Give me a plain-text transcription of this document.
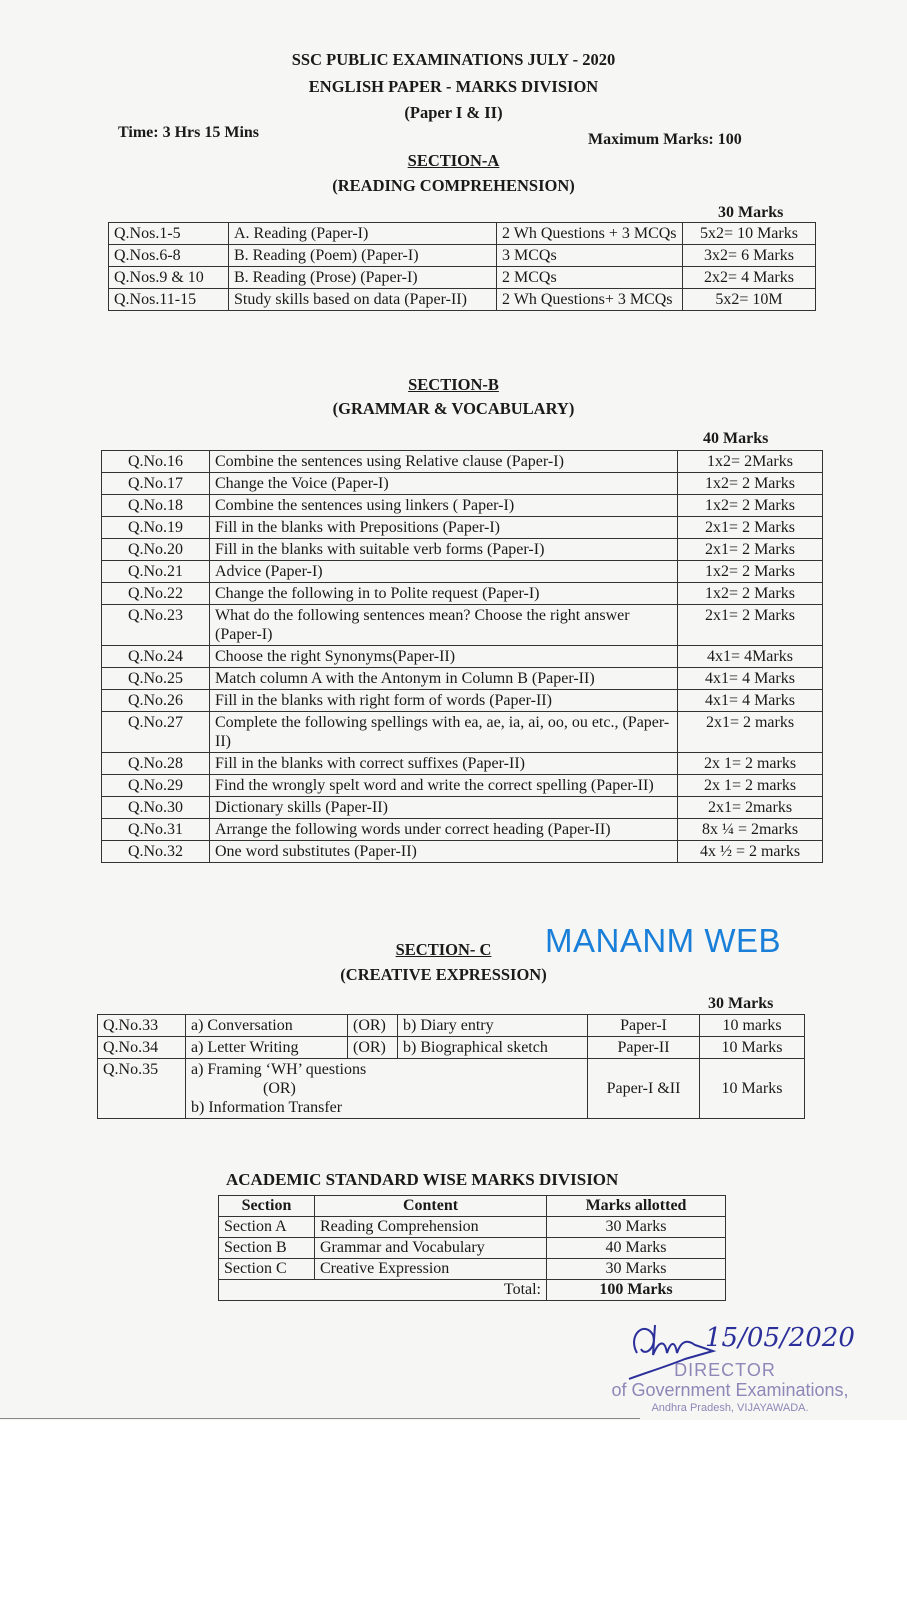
SSC PUBLIC EXAMINATIONS JULY - 2020
ENGLISH PAPER - MARKS DIVISION
(Paper I & II)
Time: 3 Hrs 15 Mins	Maximum Marks: 100
SECTION-A
(READING COMPREHENSION)
30 Marks
Q.Nos.1-5	A. Reading (Paper-I)	2 Wh Questions + 3 MCQs	5x2= 10 Marks
Q.Nos.6-8	B. Reading (Poem) (Paper-I)	3 MCQs	3x2= 6 Marks
Q.Nos.9 & 10	B. Reading (Prose) (Paper-I)	2 MCQs	2x2= 4 Marks
Q.Nos.11-15	Study skills based on data (Paper-II)	2 Wh Questions+ 3 MCQs	5x2= 10M
SECTION-B
(GRAMMAR & VOCABULARY)
40 Marks
Q.No.16	Combine the sentences using Relative clause (Paper-I)	1x2= 2Marks
Q.No.17	Change the Voice (Paper-I)	1x2= 2 Marks
Q.No.18	Combine the sentences using linkers ( Paper-I)	1x2= 2 Marks
Q.No.19	Fill in the blanks with Prepositions (Paper-I)	2x1= 2 Marks
Q.No.20	Fill in the blanks with suitable verb forms (Paper-I)	2x1= 2 Marks
Q.No.21	Advice (Paper-I)	1x2= 2 Marks
Q.No.22	Change the following in to Polite request (Paper-I)	1x2= 2 Marks
Q.No.23	What do the following sentences mean? Choose the right answer (Paper-I)	2x1= 2 Marks
Q.No.24	Choose the right Synonyms(Paper-II)	4x1= 4Marks
Q.No.25	Match column A with the Antonym in Column B (Paper-II)	4x1= 4 Marks
Q.No.26	Fill in the blanks with right form of words (Paper-II)	4x1= 4 Marks
Q.No.27	Complete the following spellings with ea, ae, ia, ai, oo, ou etc., (Paper-II)	2x1= 2 marks
Q.No.28	Fill in the blanks with correct suffixes (Paper-II)	2x 1= 2 marks
Q.No.29	Find the wrongly spelt word and write the correct spelling (Paper-II)	2x 1= 2 marks
Q.No.30	Dictionary skills (Paper-II)	2x1= 2marks
Q.No.31	Arrange the following words under correct heading (Paper-II)	8x ¼ = 2marks
Q.No.32	One word substitutes (Paper-II)	4x ½ = 2 marks
SECTION- C	MANANM WEB
(CREATIVE EXPRESSION)
30 Marks
Q.No.33	a) Conversation	(OR)	b) Diary entry	Paper-I	10 marks
Q.No.34	a) Letter Writing	(OR)	b) Biographical sketch	Paper-II	10 Marks
Q.No.35	a) Framing ‘WH’ questions
(OR)
b) Information Transfer			Paper-I &II	10 Marks
ACADEMIC STANDARD WISE MARKS DIVISION
Section	Content	Marks allotted
Section A	Reading Comprehension	30 Marks
Section B	Grammar and Vocabulary	40 Marks
Section C	Creative Expression	30 Marks
Total:		100 Marks
15/05/2020
DIRECTOR
of Government Examinations,
Andhra Pradesh, VIJAYAWADA.
